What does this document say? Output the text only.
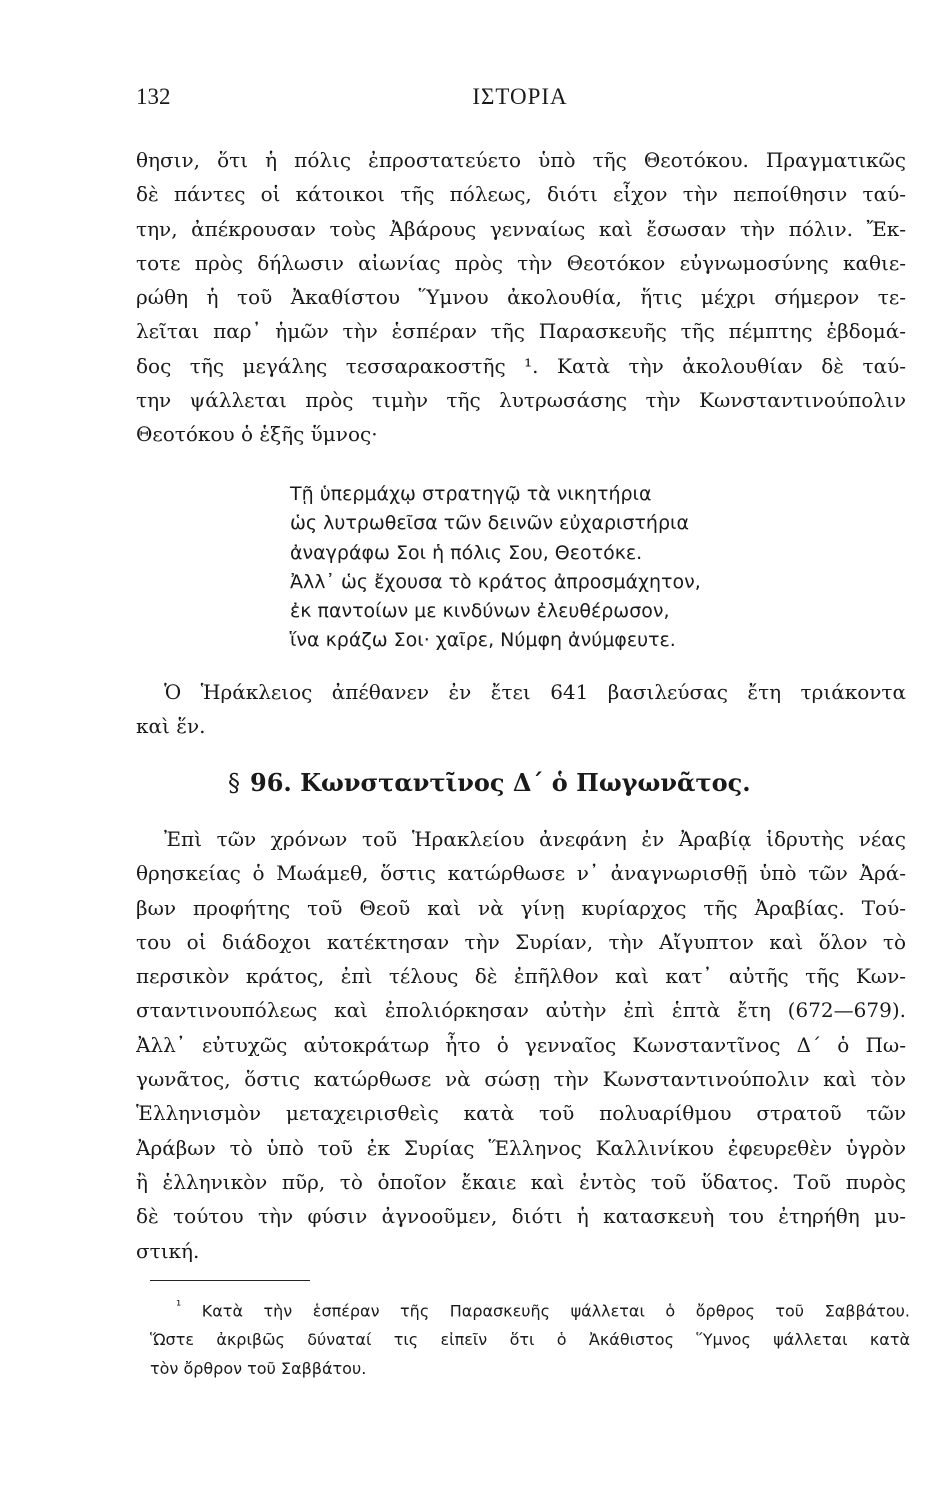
132	ΙΣΤΟΡΙΑ
θησιν, ὅτι ἡ πόλις ἐπροστατεύετο ὑπὸ τῆς Θεοτόκου. Πραγματικῶς
δὲ πάντες οἱ κάτοικοι τῆς πόλεως, διότι εἶχον τὴν πεποίθησιν ταύ-
την, ἀπέκρουσαν τοὺς Ἀβάρους γενναίως καὶ ἔσωσαν τὴν πόλιν. Ἔκ-
τοτε πρὸς δήλωσιν αἰωνίας πρὸς τὴν Θεοτόκον εὐγνωμοσύνης καθιε-
ρώθη ἡ τοῦ Ἀκαθίστου Ὕμνου ἀκολουθία, ἥτις μέχρι σήμερον τε-
λεῖται παρ᾽ ἡμῶν τὴν ἑσπέραν τῆς Παρασκευῆς τῆς πέμπτης ἑβδομά-
δος τῆς μεγάλης τεσσαρακοστῆς ¹. Κατὰ τὴν ἀκολουθίαν δὲ ταύ-
την ψάλλεται πρὸς τιμὴν τῆς λυτρωσάσης τὴν Κωνσταντινούπολιν
Θεοτόκου ὁ ἑξῆς ὕμνος·
Τῇ ὑπερμάχῳ στρατηγῷ τὰ νικητήρια
ὡς λυτρωθεῖσα τῶν δεινῶν εὐχαριστήρια
ἀναγράφω Σοι ἡ πόλις Σου, Θεοτόκε.
Ἀλλ᾽ ὡς ἔχουσα τὸ κράτος ἀπροσμάχητον,
ἐκ παντοίων με κινδύνων ἐλευθέρωσον,
ἵνα κράζω Σοι· χαῖρε, Νύμφη ἀνύμφευτε.
Ὁ Ἡράκλειος ἀπέθανεν ἐν ἔτει 641 βασιλεύσας ἔτη τριάκοντα
καὶ ἕν.
§ 96. Κωνσταντῖνος Δ΄ ὁ Πωγωνᾶτος.
Ἐπὶ τῶν χρόνων τοῦ Ἡρακλείου ἀνεφάνη ἐν Ἀραβίᾳ ἱδρυτὴς νέας
θρησκείας ὁ Μωάμεθ, ὅστις κατώρθωσε ν᾽ ἀναγνωρισθῇ ὑπὸ τῶν Ἀρά-
βων προφήτης τοῦ Θεοῦ καὶ νὰ γίνῃ κυρίαρχος τῆς Ἀραβίας. Τού-
του οἱ διάδοχοι κατέκτησαν τὴν Συρίαν, τὴν Αἴγυπτον καὶ ὅλον τὸ
περσικὸν κράτος, ἐπὶ τέλους δὲ ἐπῆλθον καὶ κατ᾽ αὐτῆς τῆς Κων-
σταντινουπόλεως καὶ ἐπολιόρκησαν αὐτὴν ἐπὶ ἑπτὰ ἔτη (672—679).
Ἀλλ᾽ εὐτυχῶς αὐτοκράτωρ ἦτο ὁ γενναῖος Κωνσταντῖνος Δ΄ ὁ Πω-
γωνᾶτος, ὅστις κατώρθωσε νὰ σώσῃ τὴν Κωνσταντινούπολιν καὶ τὸν
Ἑλληνισμὸν μεταχειρισθεὶς κατὰ τοῦ πολυαρίθμου στρατοῦ τῶν
Ἀράβων τὸ ὑπὸ τοῦ ἐκ Συρίας Ἕλληνος Καλλινίκου ἐφευρεθὲν ὑγρὸν
ἢ ἑλληνικὸν πῦρ, τὸ ὁποῖον ἔκαιε καὶ ἐντὸς τοῦ ὕδατος. Τοῦ πυρὸς
δὲ τούτου τὴν φύσιν ἀγνοοῦμεν, διότι ἡ κατασκευὴ του ἐτηρήθη μυ-
στική.
$^{^1}$ Κατὰ τὴν ἑσπέραν τῆς Παρασκευῆς ψάλλεται ὁ ὄρθρος τοῦ Σαββάτου.
Ὥστε ἀκριβῶς δύναταί τις εἰπεῖν ὅτι ὁ Ἀκάθιστος Ὕμνος ψάλλεται κατὰ
τὸν ὄρθρον τοῦ Σαββάτου.
